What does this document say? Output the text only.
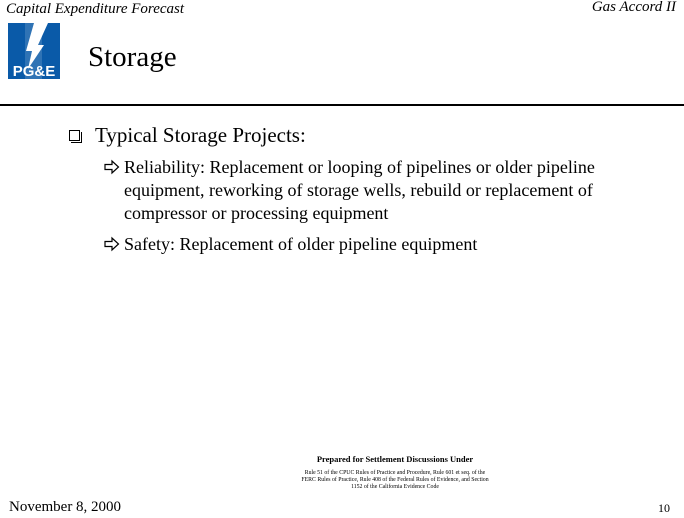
Capital Expenditure Forecast	Gas Accord II
PG&E Storage
Typical Storage Projects:
Reliability: Replacement or looping of pipelines or older pipeline equipment, reworking of storage wells, rebuild or replacement of compressor or processing equipment
Safety: Replacement of older pipeline equipment
November 8, 2000
Prepared for Settlement Discussions Under
Rule 51 of the CPUC Rules of Practice and Procedure, Rule 601 et seq. of the
FERC Rules of Practice, Rule 408 of the Federal Rules of Evidence, and Section
1152 of the California Evidence Code
10
